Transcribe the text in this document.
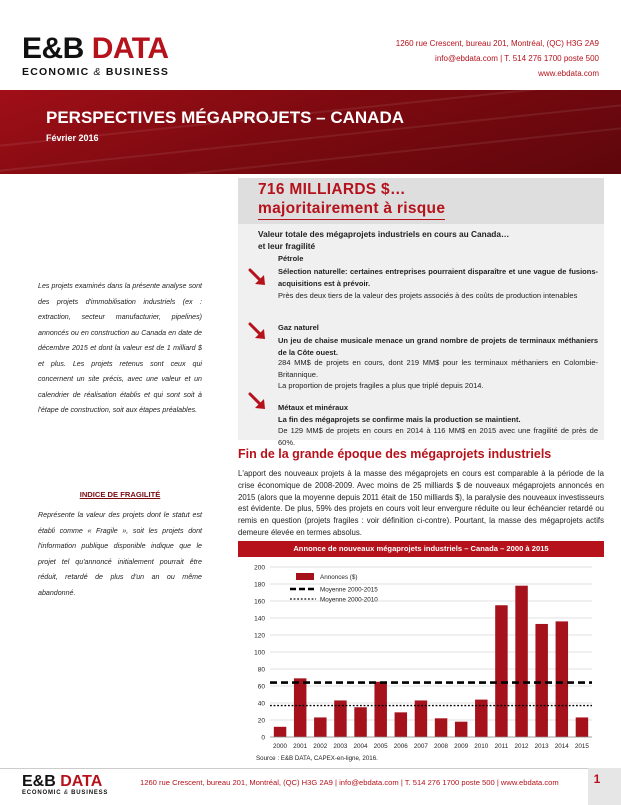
E&B DATA
ECONOMIC & BUSINESS
1260 rue Crescent, bureau 201, Montréal, (QC) H3G 2A9
info@ebdata.com | T. 514 276 1700 poste 500
www.ebdata.com
PERSPECTIVES MÉGAPROJETS – CANADA
Février 2016
Les projets examinés dans la présente analyse sont des projets d'immobilisation industriels (ex : extraction, secteur manufacturier, pipelines) annoncés ou en construction au Canada en date de décembre 2015 et dont la valeur est de 1 milliard $ et plus. Les projets retenus sont ceux qui concernent un site précis, avec une valeur et un calendrier de réalisation établis et qui sont soit à l'étape de construction, soit aux étapes préalables.
INDICE DE FRAGILITÉ
Représente la valeur des projets dont le statut est établi comme « Fragile », soit les projets dont l'information publique disponible indique que le projet tel qu'annoncé initialement pourrait être réduit, retardé de plus d'un an ou même abandonné.
716 MILLIARDS $…
majoritairement à risque
Valeur totale des mégaprojets industriels en cours au Canada…
et leur fragilité
Pétrole
Sélection naturelle: certaines entreprises pourraient disparaître et une vague de fusions-acquisitions est à prévoir.
Près des deux tiers de la valeur des projets associés à des coûts de production intenables
Gaz naturel
Un jeu de chaise musicale menace un grand nombre de projets de terminaux méthaniers de la Côte ouest.
284 MM$ de projets en cours, dont 219 MM$ pour les terminaux méthaniers en Colombie-Britannique.
La proportion de projets fragiles a plus que triplé depuis 2014.
Métaux et minéraux
La fin des mégaprojets se confirme mais la production se maintient.
De 129 MM$ de projets en cours en 2014 à 116 MM$ en 2015 avec une fragilité de près de 60%.
Fin de la grande époque des mégaprojets industriels
L'apport des nouveaux projets à la masse des mégaprojets en cours est comparable à la période de la crise économique de 2008-2009. Avec moins de 25 milliards $ de nouveaux mégaprojets annoncés en 2015 (alors que la moyenne depuis 2011 était de 150 milliards $), la paralysie des nouveaux investisseurs est évidente. De plus, 59% des projets en cours voit leur envergure réduite ou leur échéancier retardé ou remis en question (projets fragiles : voir définition ci-contre). Pourtant, la masse des mégaprojets actifs demeure élevée en termes absolus.
Annonce de nouveaux mégaprojets industriels – Canada – 2000 à 2015
0
20
40
60
80
100
120
140
160
180
200
2000 2001 2002 2003 2004 2005 2006 2007 2008 2009 2010 2011 2012 2013 2014 2015
Annonces ($)
Moyenne 2000-2015
Moyenne 2000-2010
Source : E&B DATA, CAPEX-en-ligne, 2016.
E&B DATA
ECONOMIC & BUSINESS
1260 rue Crescent, bureau 201, Montréal, (QC) H3G 2A9 | info@ebdata.com | T. 514 276 1700 poste 500 | www.ebdata.com	1
